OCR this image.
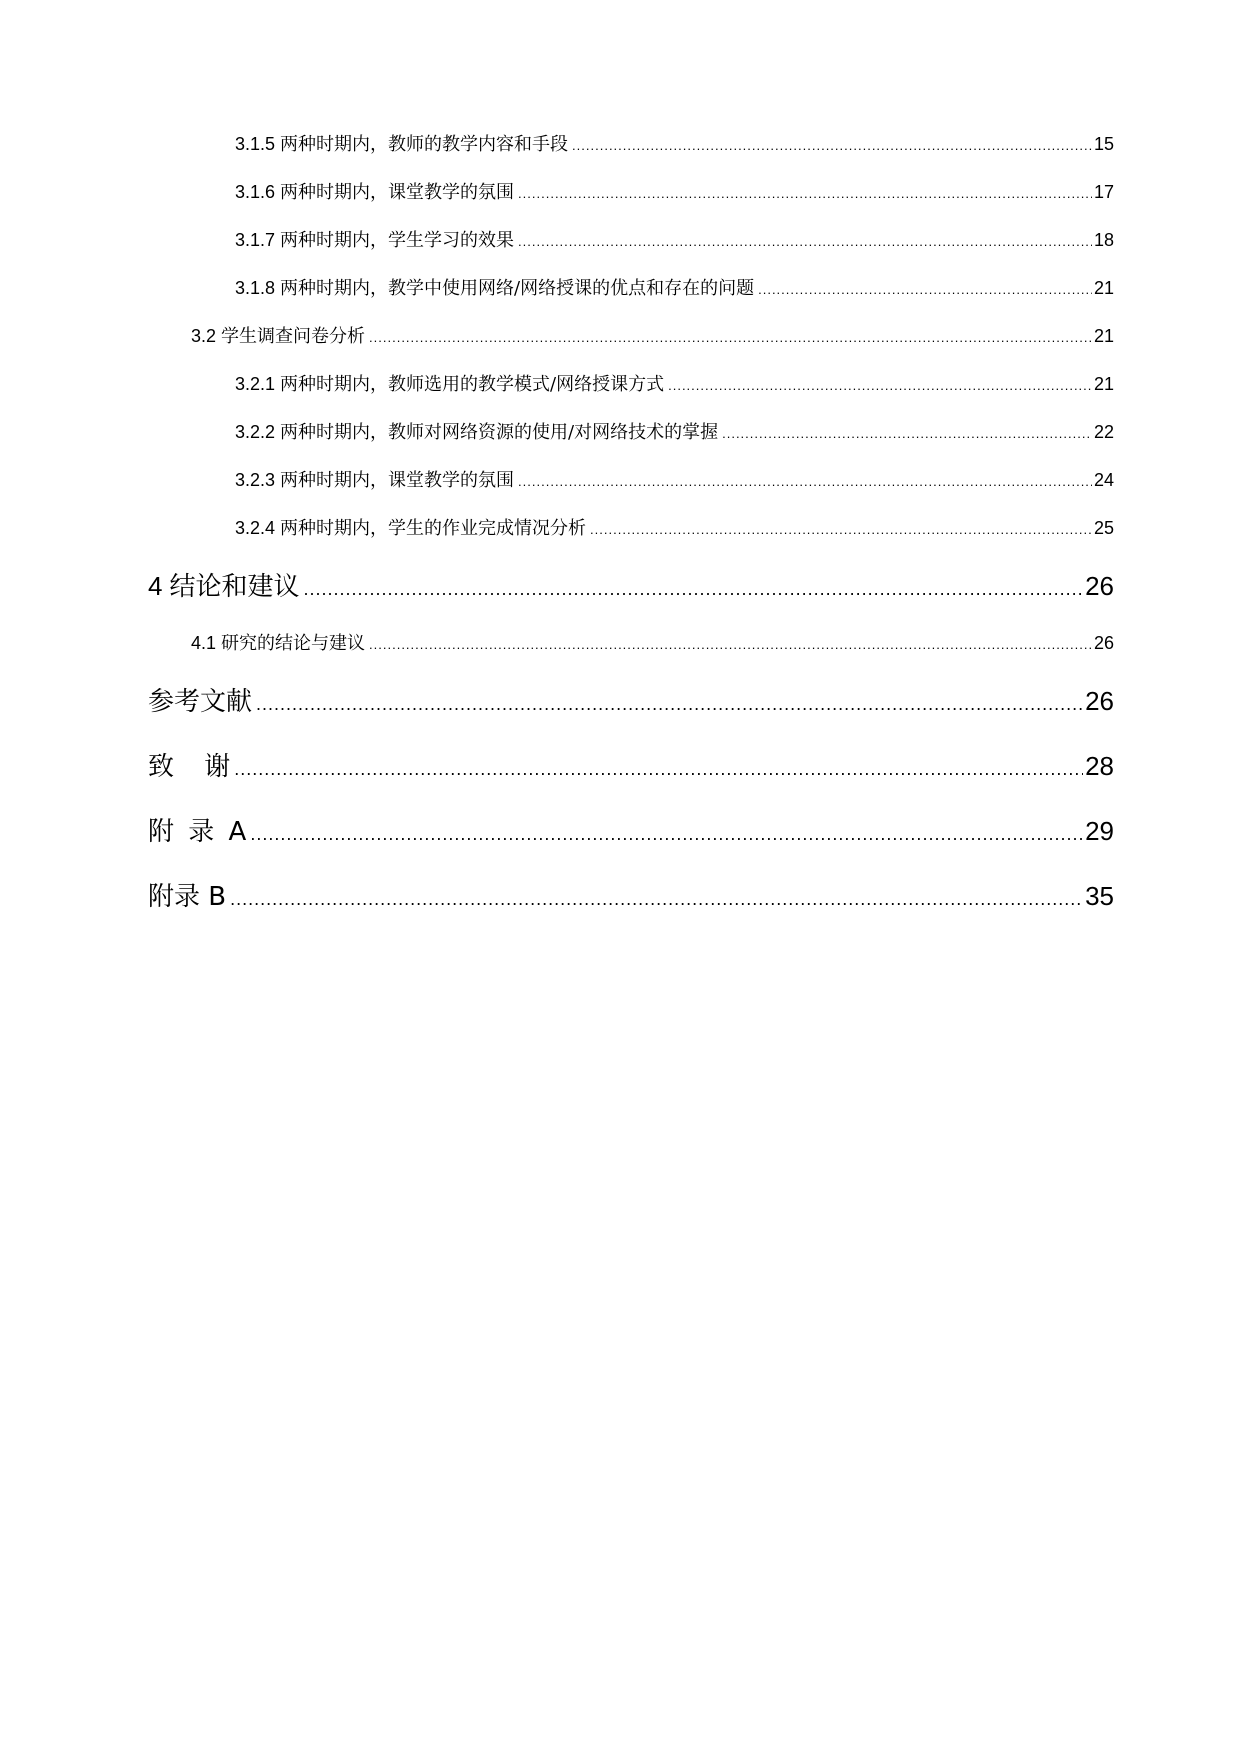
3.1.5 两种时期内，教师的教学内容和手段 .....	15
3.1.6 两种时期内，课堂教学的氛围 .....	17
3.1.7 两种时期内，学生学习的效果 .....	18
3.1.8 两种时期内，教学中使用网络/网络授课的优点和存在的问题 .....	21
3.2 学生调查问卷分析 .....	21
3.2.1 两种时期内，教师选用的教学模式/网络授课方式 .....	21
3.2.2 两种时期内，教师对网络资源的使用/对网络技术的掌握 .....	22
3.2.3 两种时期内，课堂教学的氛围 .....	24
3.2.4 两种时期内，学生的作业完成情况分析 .....	25
4 结论和建议 .....	26
4.1 研究的结论与建议 .....	26
参考文献 .....	26
致 谢 .....	28
附 录 A .....	29
附录 B .....	35
